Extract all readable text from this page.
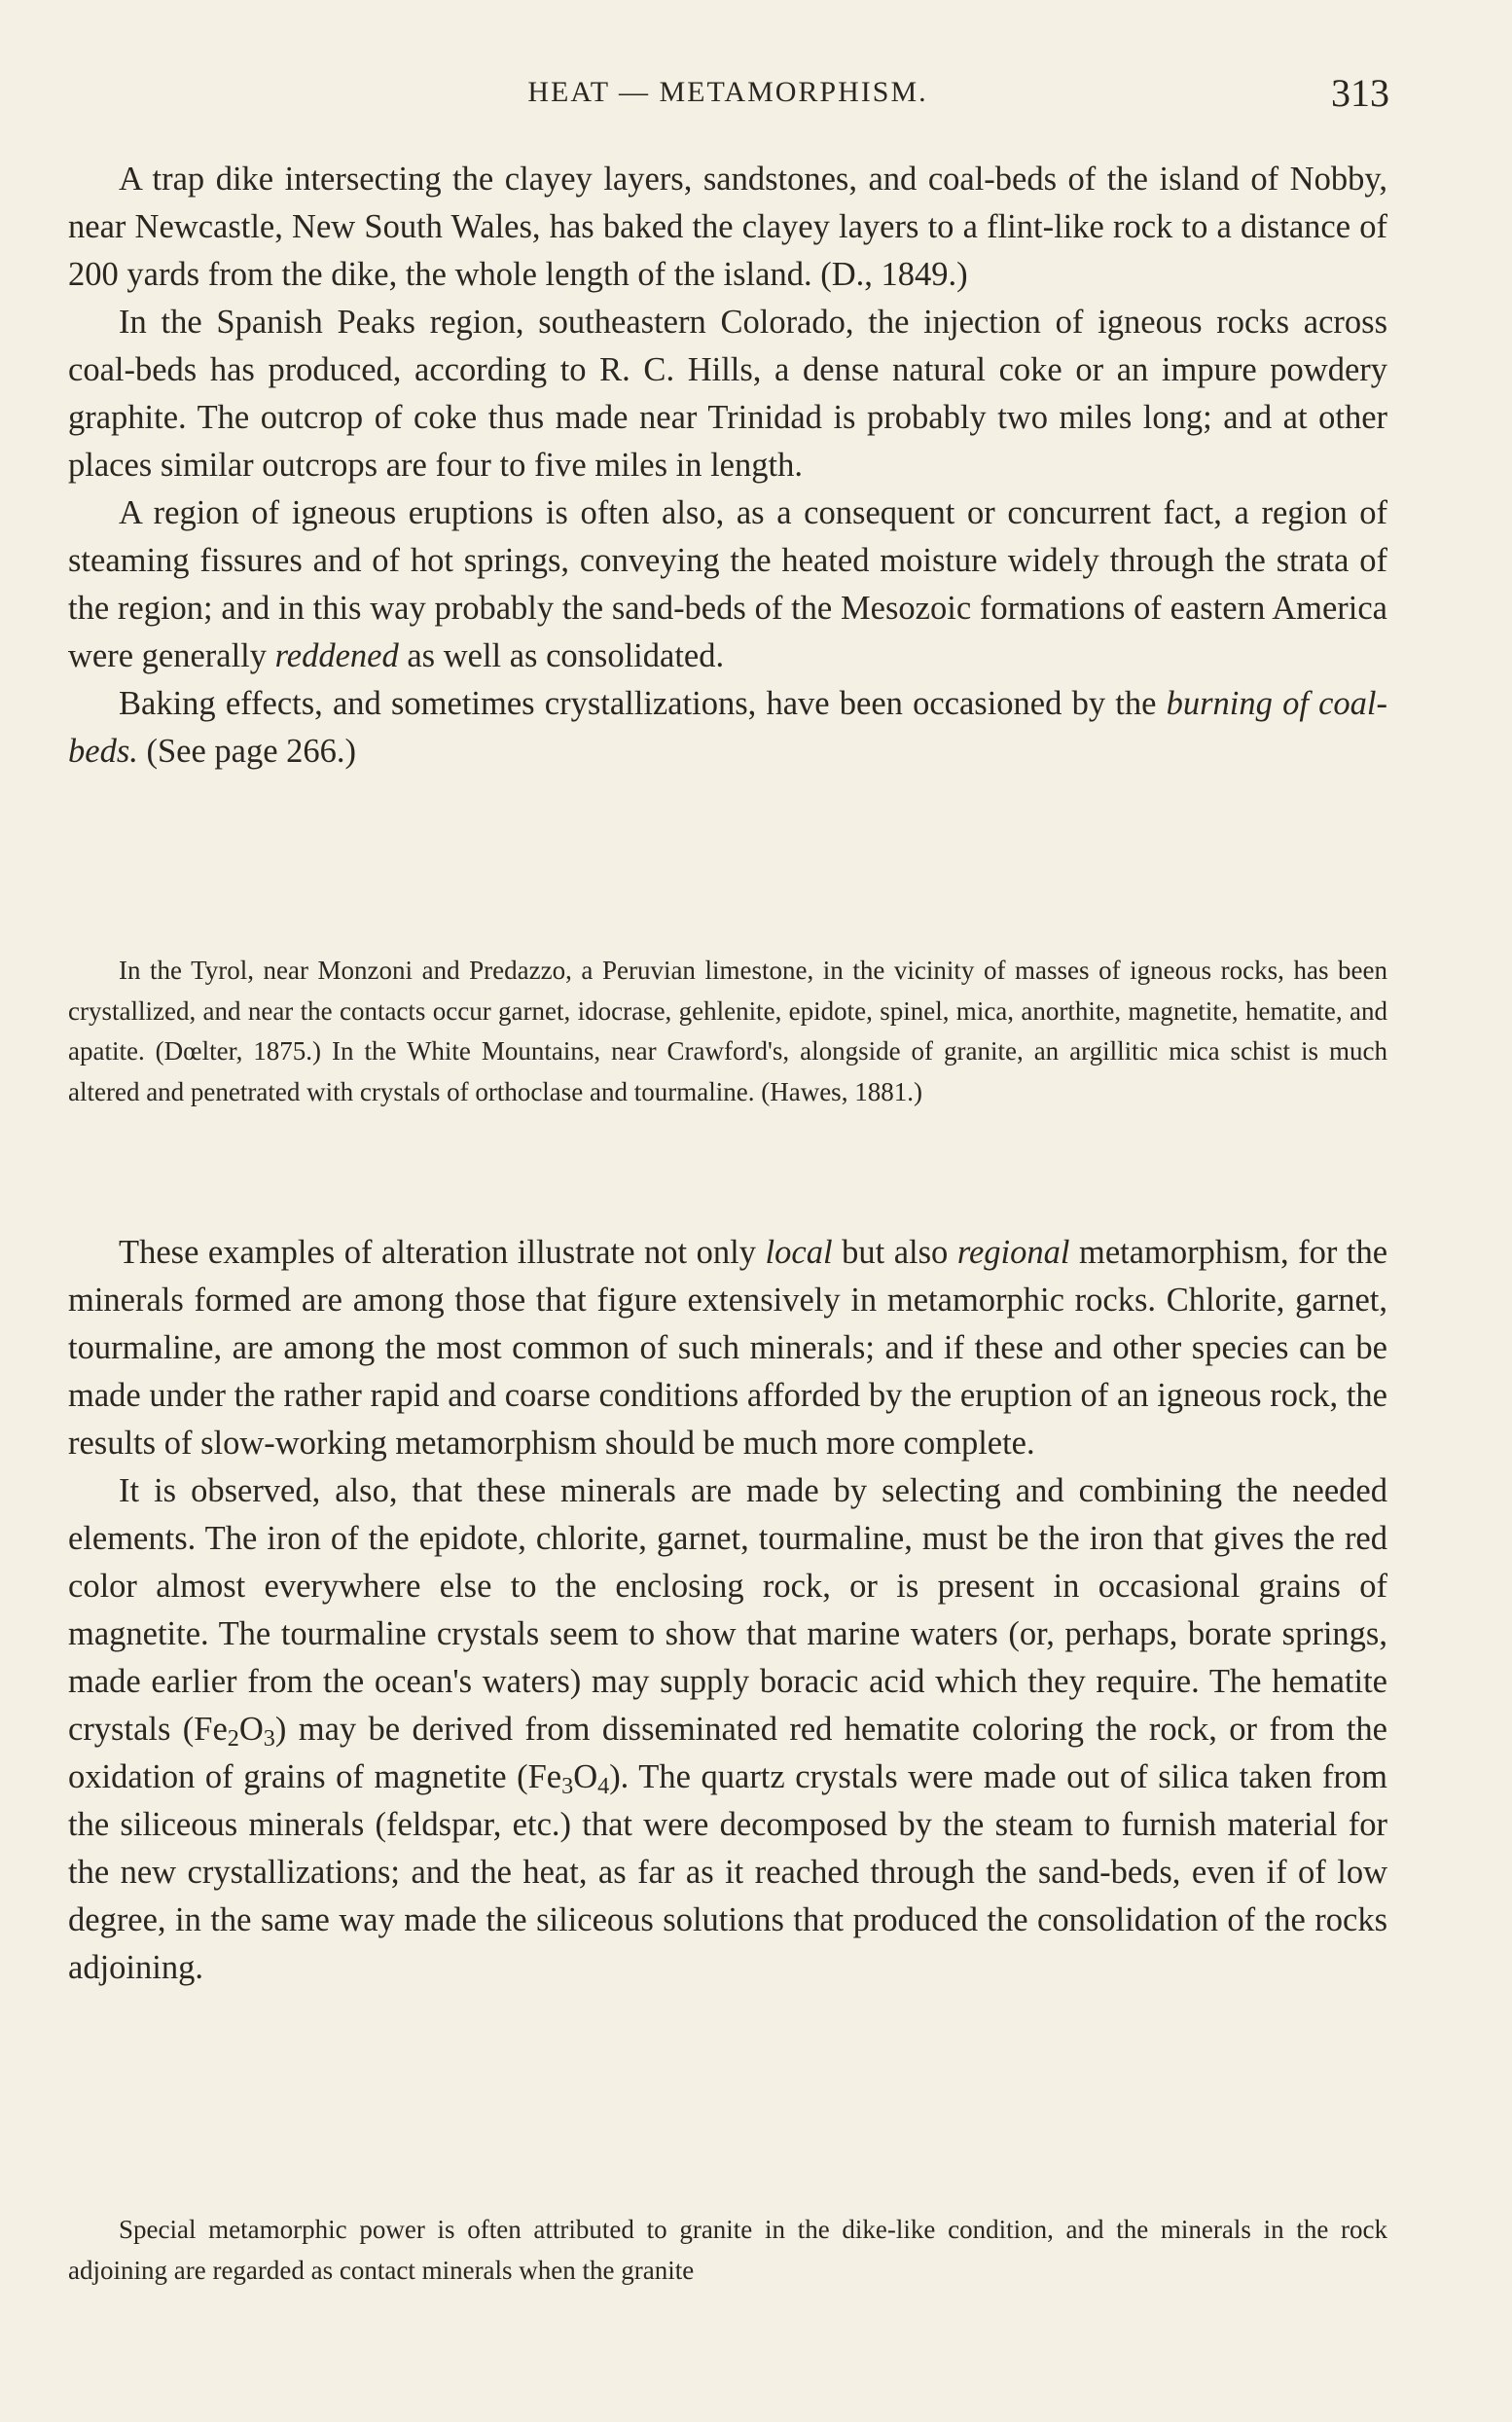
HEAT — METAMORPHISM.	313

A trap dike intersecting the clayey layers, sandstones, and coal-beds of the island of Nobby, near Newcastle, New South Wales, has baked the clayey layers to a flint-like rock to a distance of 200 yards from the dike, the whole length of the island. (D., 1849.)

In the Spanish Peaks region, southeastern Colorado, the injection of igneous rocks across coal-beds has produced, according to R. C. Hills, a dense natural coke or an impure powdery graphite. The outcrop of coke thus made near Trinidad is probably two miles long; and at other places similar outcrops are four to five miles in length.

A region of igneous eruptions is often also, as a consequent or concurrent fact, a region of steaming fissures and of hot springs, conveying the heated moisture widely through the strata of the region; and in this way probably the sand-beds of the Mesozoic formations of eastern America were generally reddened as well as consolidated.

Baking effects, and sometimes crystallizations, have been occasioned by the burning of coal-beds. (See page 266.)

In the Tyrol, near Monzoni and Predazzo, a Peruvian limestone, in the vicinity of masses of igneous rocks, has been crystallized, and near the contacts occur garnet, idocrase, gehlenite, epidote, spinel, mica, anorthite, magnetite, hematite, and apatite. (Dœlter, 1875.) In the White Mountains, near Crawford's, alongside of granite, an argillitic mica schist is much altered and penetrated with crystals of orthoclase and tourmaline. (Hawes, 1881.)

These examples of alteration illustrate not only local but also regional metamorphism, for the minerals formed are among those that figure extensively in metamorphic rocks. Chlorite, garnet, tourmaline, are among the most common of such minerals; and if these and other species can be made under the rather rapid and coarse conditions afforded by the eruption of an igneous rock, the results of slow-working metamorphism should be much more complete.

It is observed, also, that these minerals are made by selecting and combining the needed elements. The iron of the epidote, chlorite, garnet, tourmaline, must be the iron that gives the red color almost everywhere else to the enclosing rock, or is present in occasional grains of magnetite. The tourmaline crystals seem to show that marine waters (or, perhaps, borate springs, made earlier from the ocean's waters) may supply boracic acid which they require. The hematite crystals $(Fe_2O_3)$ may be derived from disseminated red hematite coloring the rock, or from the oxidation of grains of magnetite $(Fe_3O_4)$. The quartz crystals were made out of silica taken from the siliceous minerals (feldspar, etc.) that were decomposed by the steam to furnish material for the new crystallizations; and the heat, as far as it reached through the sand-beds, even if of low degree, in the same way made the siliceous solutions that produced the consolidation of the rocks adjoining.

Special metamorphic power is often attributed to granite in the dike-like condition, and the minerals in the rock adjoining are regarded as contact minerals when the granite
